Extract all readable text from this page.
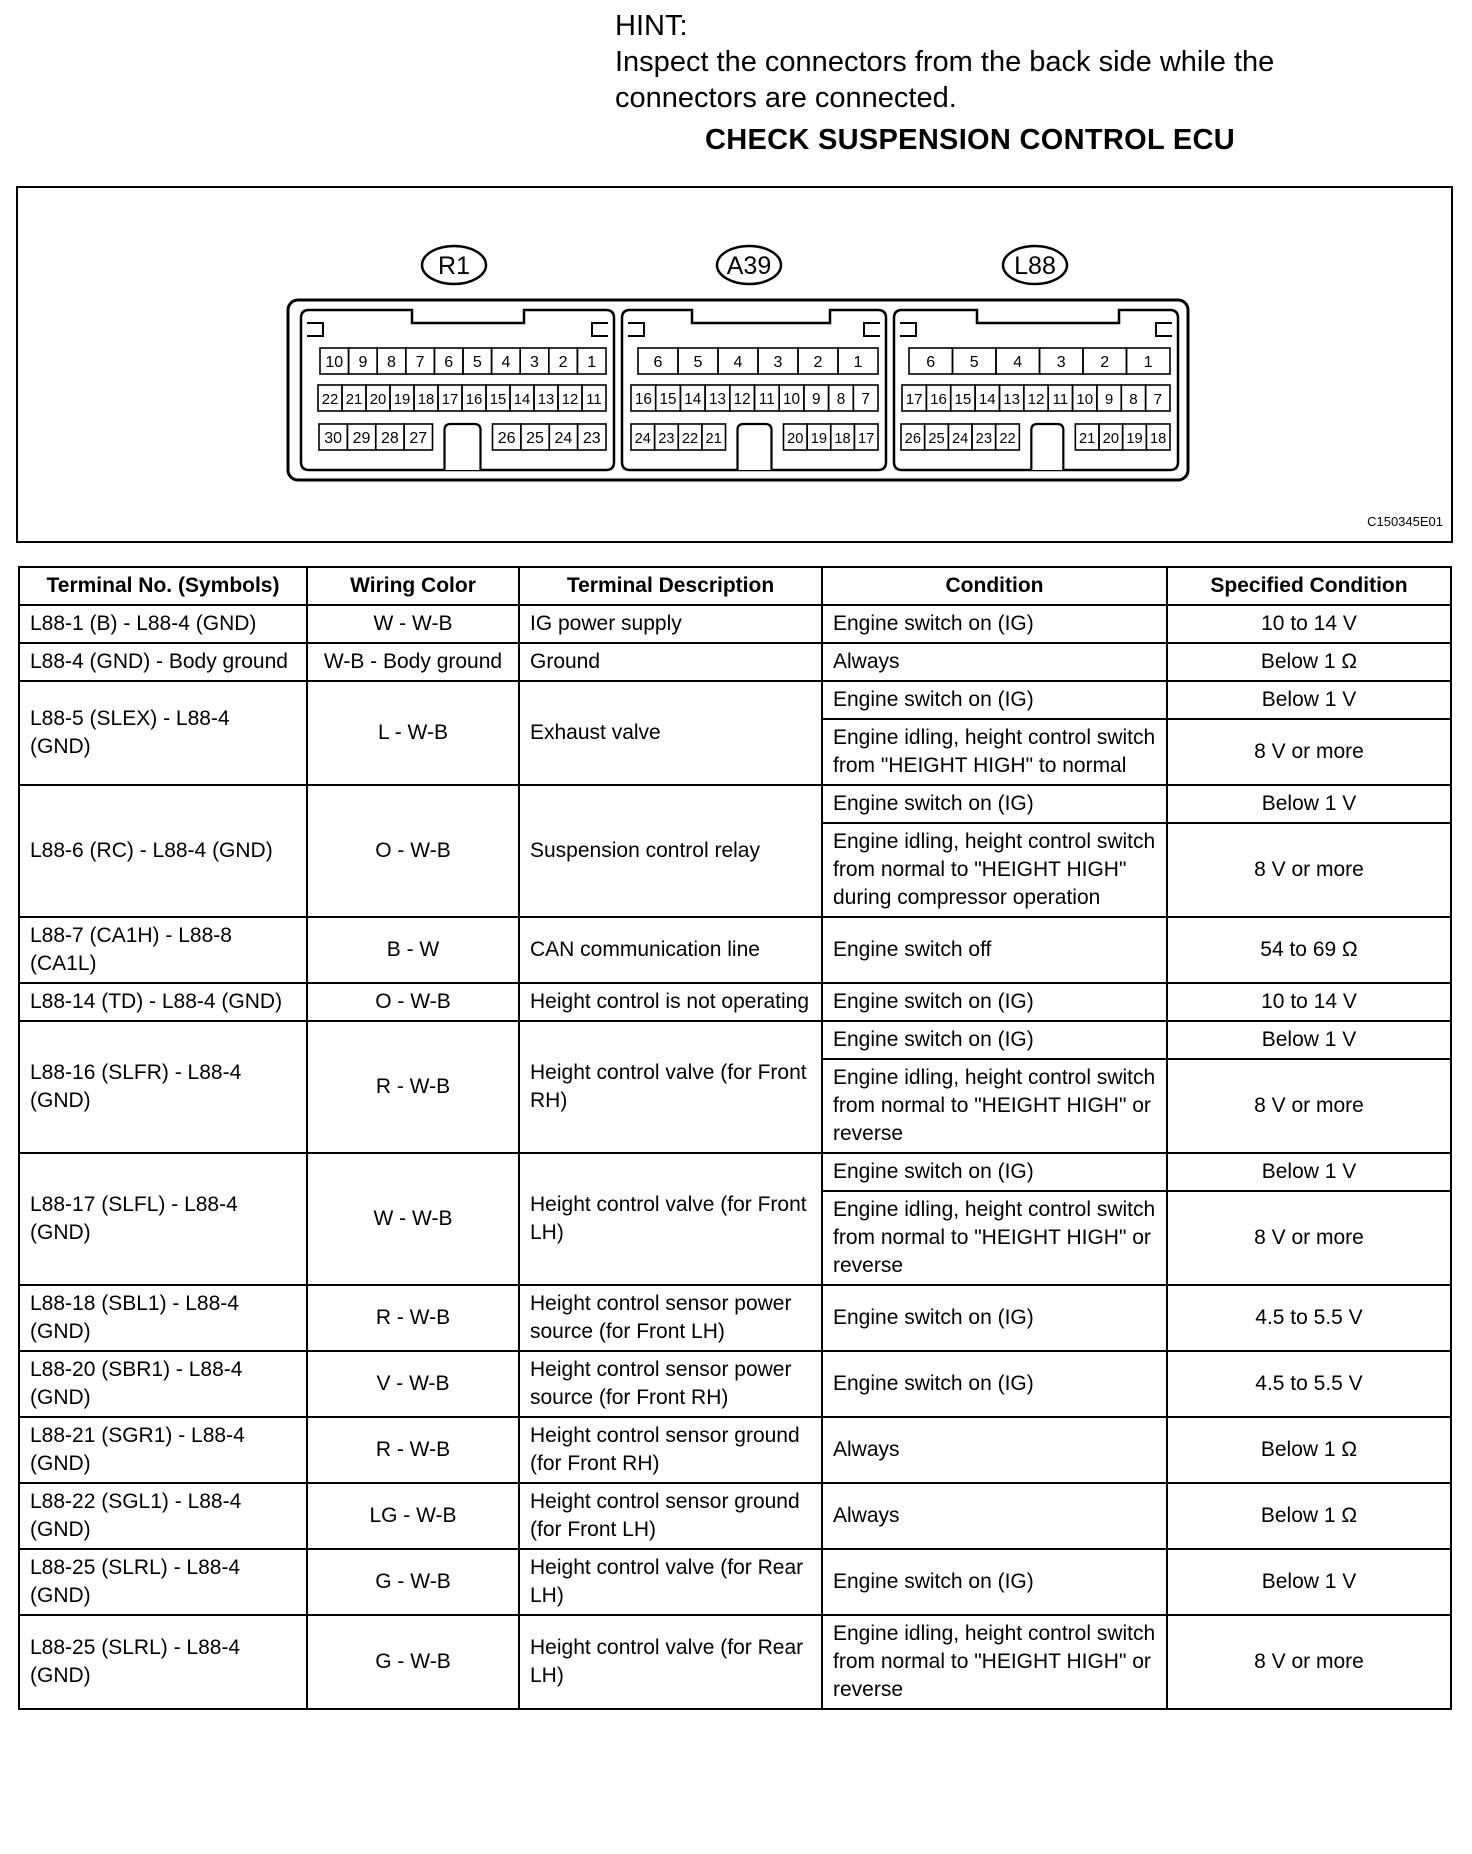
HINT:
Inspect the connectors from the back side while the connectors are connected.
CHECK SUSPENSION CONTROL ECU
R1
10 9 8 7 6 5 4 3 2 1
22 21 20 19 18 17 16 15 14 13 12 11
30 29 28 27	26 25 24 23
A39
6 5 4 3 2 1
16 15 14 13 12 11 10 9 8 7
24 23 22 21	20 19 18 17
L88
6 5 4 3 2 1
17 16 15 14 13 12 11 10 9 8 7
26 25 24 23 22	21 20 19 18
C150345E01
Terminal No. (Symbols)	Wiring Color	Terminal Description	Condition	Specified Condition
L88-1 (B) - L88-4 (GND)	W - W-B	IG power supply	Engine switch on (IG)	10 to 14 V
L88-4 (GND) - Body ground	W-B - Body ground	Ground	Always	Below 1 Ω
L88-5 (SLEX) - L88-4 (GND)	L - W-B	Exhaust valve	Engine switch on (IG)	Below 1 V
			Engine idling, height control switch from "HEIGHT HIGH" to normal	8 V or more
L88-6 (RC) - L88-4 (GND)	O - W-B	Suspension control relay	Engine switch on (IG)	Below 1 V
			Engine idling, height control switch from normal to "HEIGHT HIGH" during compressor operation	8 V or more
L88-7 (CA1H) - L88-8 (CA1L)	B - W	CAN communication line	Engine switch off	54 to 69 Ω
L88-14 (TD) - L88-4 (GND)	O - W-B	Height control is not operating	Engine switch on (IG)	10 to 14 V
L88-16 (SLFR) - L88-4 (GND)	R - W-B	Height control valve (for Front RH)	Engine switch on (IG)	Below 1 V
			Engine idling, height control switch from normal to "HEIGHT HIGH" or reverse	8 V or more
L88-17 (SLFL) - L88-4 (GND)	W - W-B	Height control valve (for Front LH)	Engine switch on (IG)	Below 1 V
			Engine idling, height control switch from normal to "HEIGHT HIGH" or reverse	8 V or more
L88-18 (SBL1) - L88-4 (GND)	R - W-B	Height control sensor power source (for Front LH)	Engine switch on (IG)	4.5 to 5.5 V
L88-20 (SBR1) - L88-4 (GND)	V - W-B	Height control sensor power source (for Front RH)	Engine switch on (IG)	4.5 to 5.5 V
L88-21 (SGR1) - L88-4 (GND)	R - W-B	Height control sensor ground (for Front RH)	Always	Below 1 Ω
L88-22 (SGL1) - L88-4 (GND)	LG - W-B	Height control sensor ground (for Front LH)	Always	Below 1 Ω
L88-25 (SLRL) - L88-4 (GND)	G - W-B	Height control valve (for Rear LH)	Engine switch on (IG)	Below 1 V
L88-25 (SLRL) - L88-4 (GND)	G - W-B	Height control valve (for Rear LH)	Engine idling, height control switch from normal to "HEIGHT HIGH" or reverse	8 V or more
